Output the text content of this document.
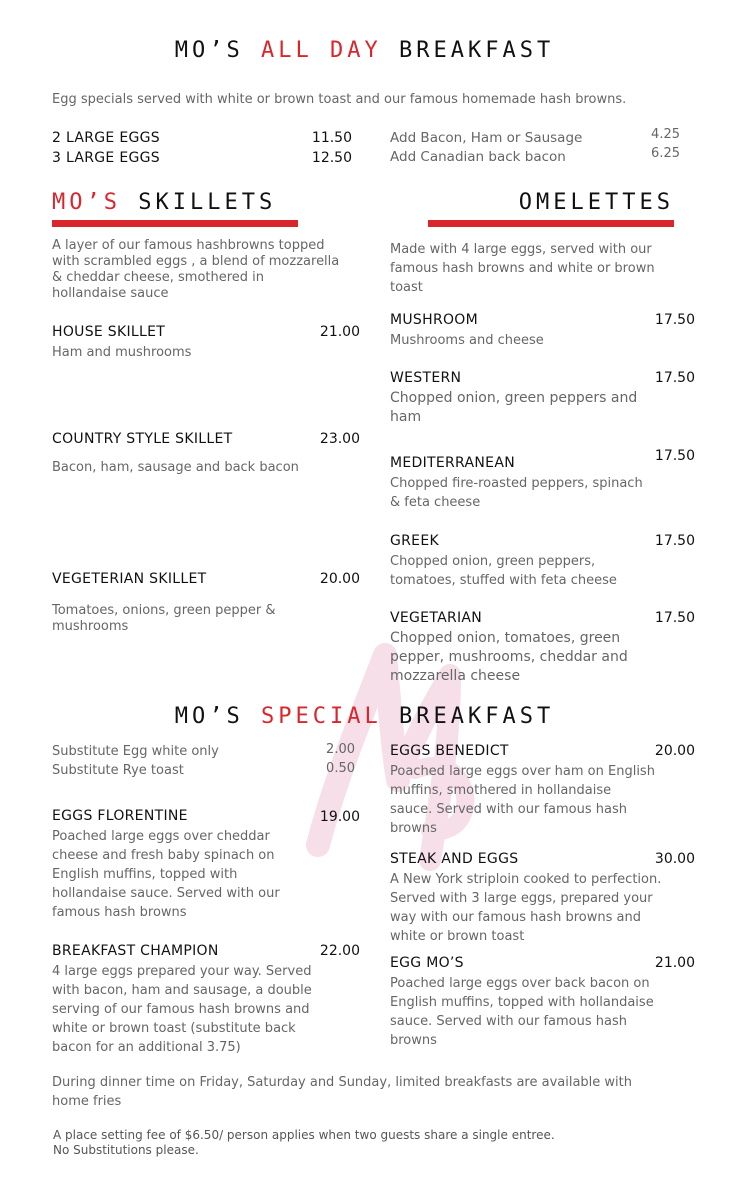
MO’S ALL DAY BREAKFAST
Egg specials served with white or brown toast and our famous homemade hash browns.
2 LARGE EGGS	11.50
3 LARGE EGGS	12.50
Add Bacon, Ham or Sausage	4.25
Add Canadian back bacon	6.25
MO’S SKILLETS
A layer of our famous hashbrowns topped with scrambled eggs , a blend of mozzarella & cheddar cheese, smothered in hollandaise sauce
HOUSE SKILLET	21.00
Ham and mushrooms
COUNTRY STYLE SKILLET	23.00
Bacon, ham, sausage and back bacon
VEGETERIAN SKILLET	20.00
Tomatoes, onions, green pepper & mushrooms
OMELETTES
Made with 4 large eggs, served with our famous hash browns and white or brown toast
MUSHROOM	17.50
Mushrooms and cheese
WESTERN	17.50
Chopped onion, green peppers and ham
MEDITERRANEAN	17.50
Chopped fire-roasted peppers, spinach & feta cheese
GREEK	17.50
Chopped onion, green peppers, tomatoes, stuffed with feta cheese
VEGETARIAN	17.50
Chopped onion, tomatoes, green pepper, mushrooms, cheddar and mozzarella cheese
MO’S SPECIAL BREAKFAST
Substitute Egg white only	2.00
Substitute Rye toast	0.50
EGGS FLORENTINE	19.00
Poached large eggs over cheddar cheese and fresh baby spinach on English muffins, topped with hollandaise sauce. Served with our famous hash browns
BREAKFAST CHAMPION	22.00
4 large eggs prepared your way. Served with bacon, ham and sausage, a double serving of our famous hash browns and white or brown toast (substitute back bacon for an additional 3.75)
EGGS BENEDICT	20.00
Poached large eggs over ham on English muffins, smothered in hollandaise sauce. Served with our famous hash browns
STEAK AND EGGS	30.00
A New York striploin cooked to perfection. Served with 3 large eggs, prepared your way with our famous hash browns and white or brown toast
EGG MO’S	21.00
Poached large eggs over back bacon on English muffins, topped with hollandaise sauce. Served with our famous hash browns
During dinner time on Friday, Saturday and Sunday, limited breakfasts are available with home fries
A place setting fee of $6.50/ person applies when two guests share a single entree.
No Substitutions please.
